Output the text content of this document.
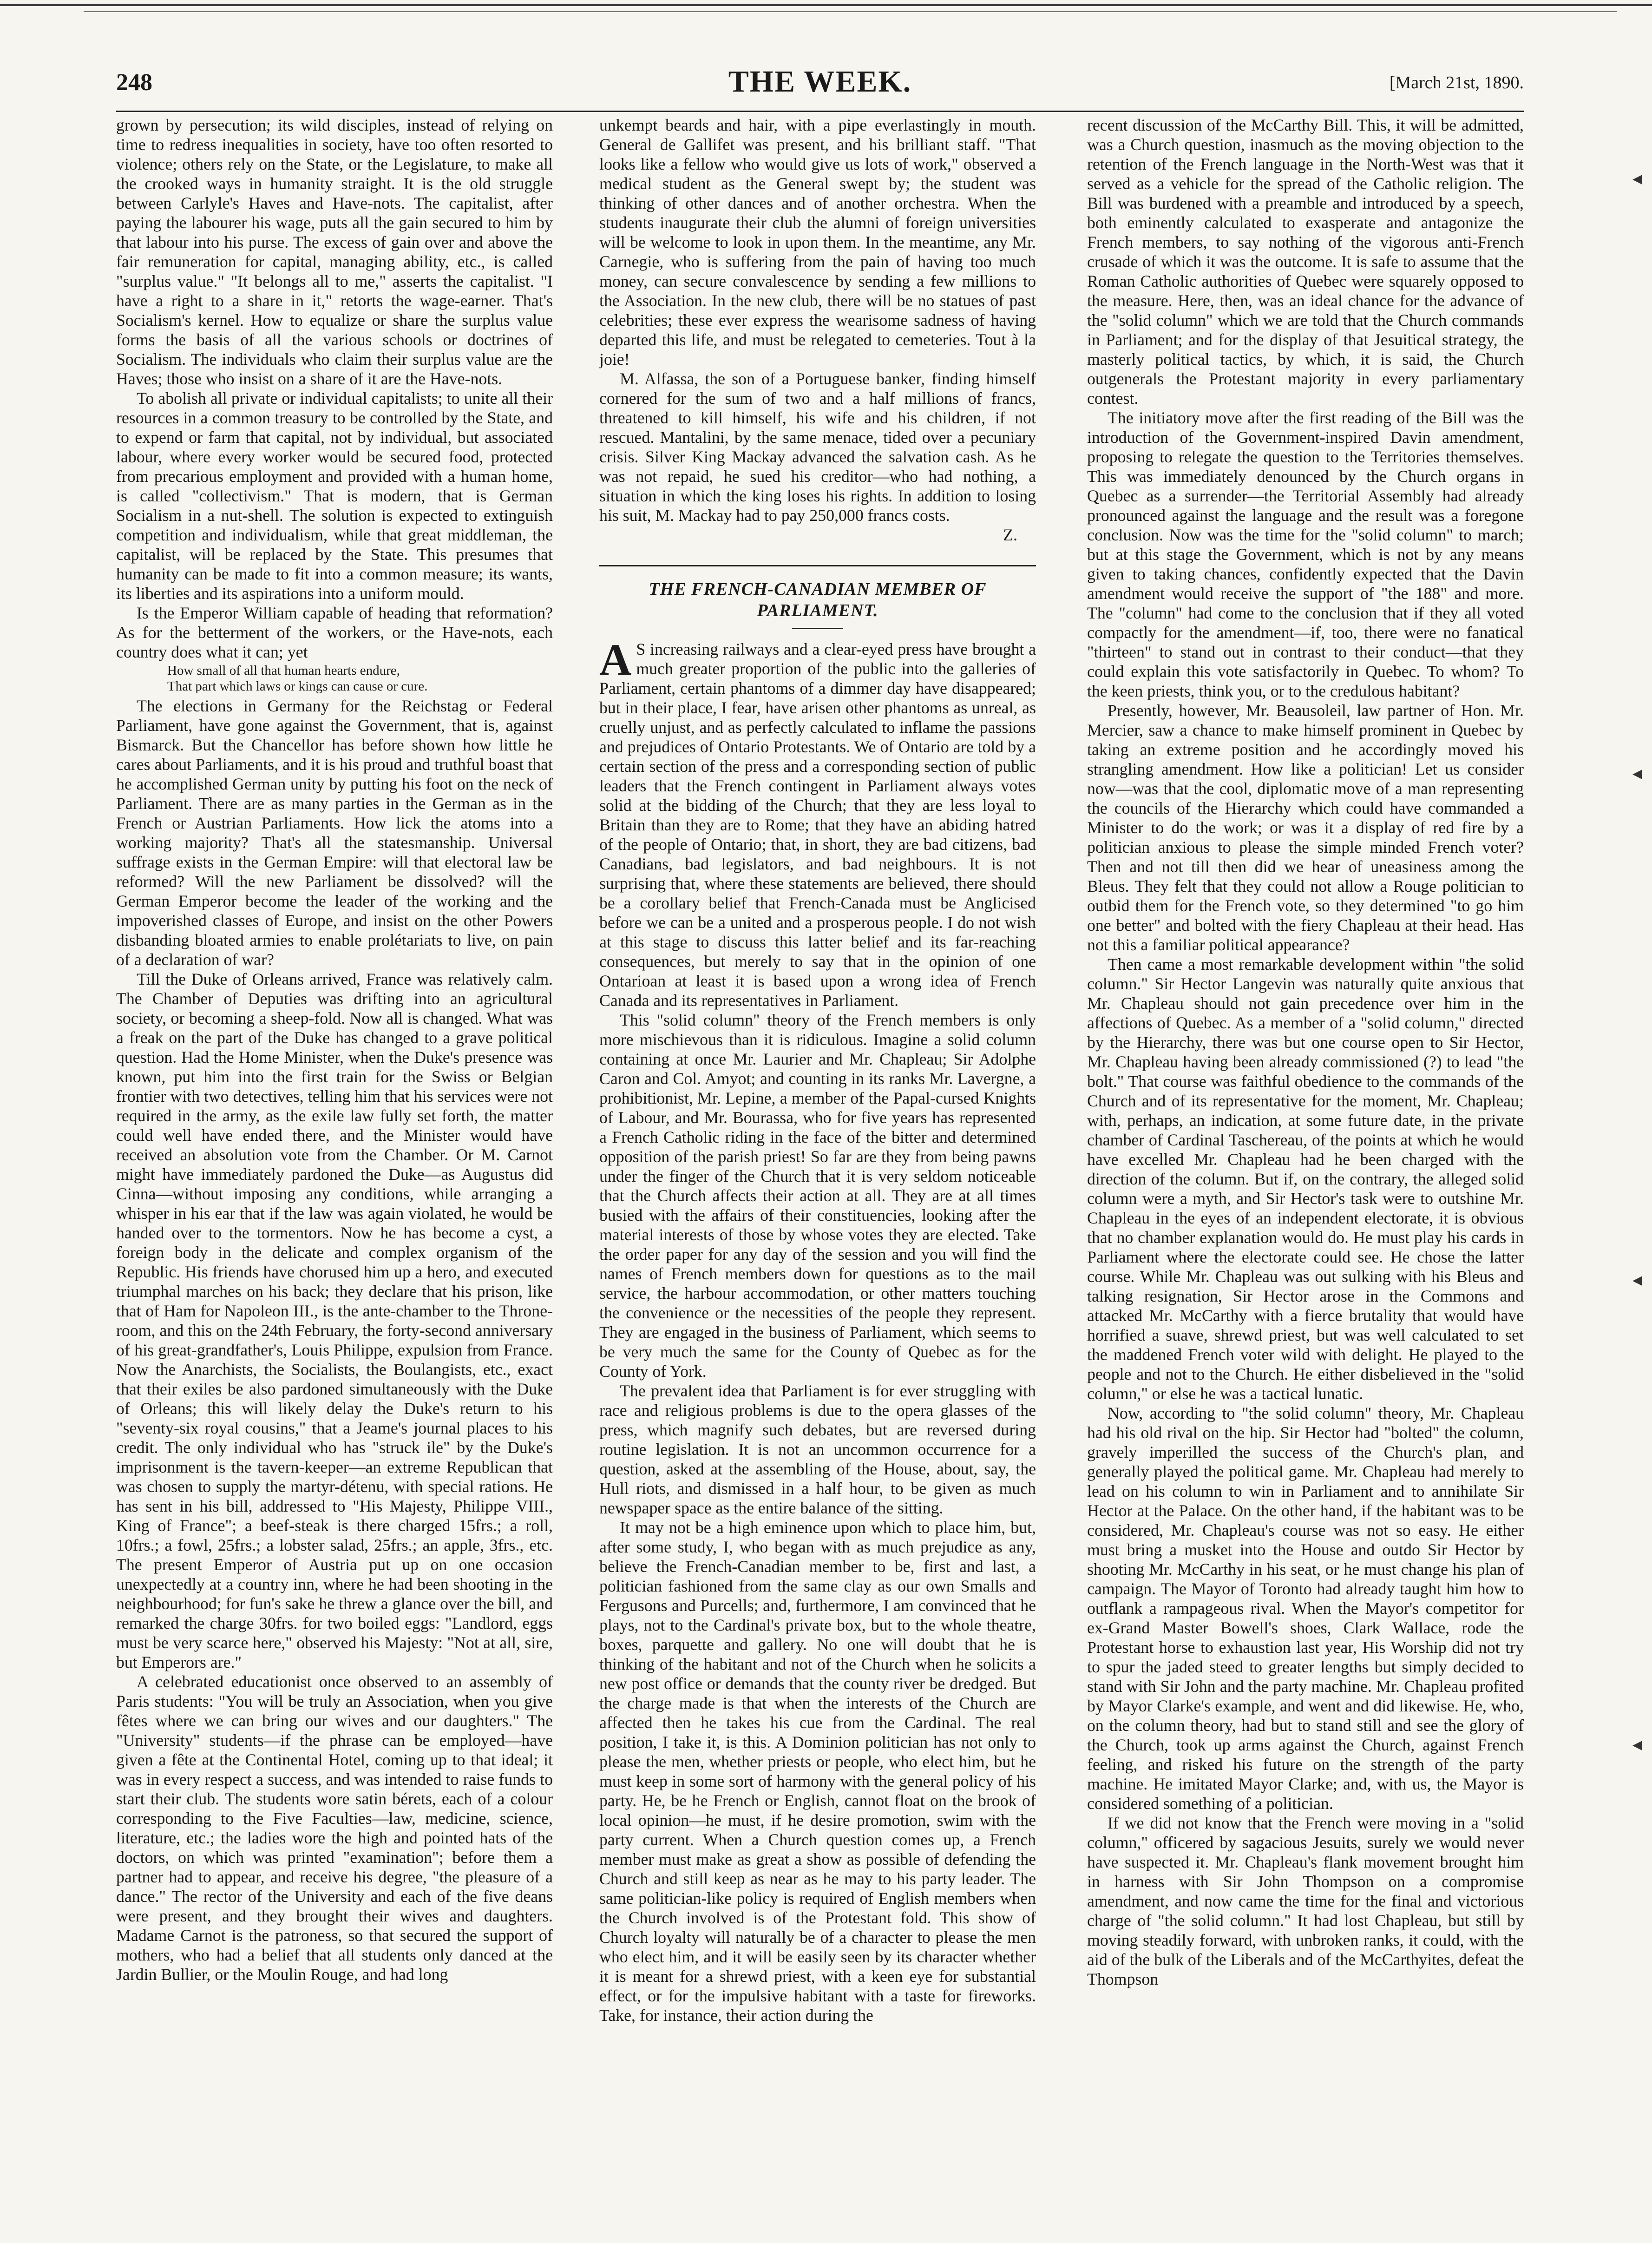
248	THE WEEK.	[March 21st, 1890.

grown by persecution; its wild disciples, instead of relying on time to redress inequalities in society, have too often resorted to violence; others rely on the State, or the Legislature, to make all the crooked ways in humanity straight. It is the old struggle between Carlyle's Haves and Have-nots. The capitalist, after paying the labourer his wage, puts all the gain secured to him by that labour into his purse. The excess of gain over and above the fair remuneration for capital, managing ability, etc., is called "surplus value." "It belongs all to me," asserts the capitalist. "I have a right to a share in it," retorts the wage-earner. That's Socialism's kernel. How to equalize or share the surplus value forms the basis of all the various schools or doctrines of Socialism. The individuals who claim their surplus value are the Haves; those who insist on a share of it are the Have-nots.

To abolish all private or individual capitalists; to unite all their resources in a common treasury to be controlled by the State, and to expend or farm that capital, not by individual, but associated labour, where every worker would be secured food, protected from precarious employment and provided with a human home, is called "collectivism." That is modern, that is German Socialism in a nut-shell. The solution is expected to extinguish competition and individualism, while that great middleman, the capitalist, will be replaced by the State. This presumes that humanity can be made to fit into a common measure; its wants, its liberties and its aspirations into a uniform mould.

Is the Emperor William capable of heading that reformation? As for the betterment of the workers, or the Have-nots, each country does what it can; yet

How small of all that human hearts endure,
That part which laws or kings can cause or cure.

The elections in Germany for the Reichstag or Federal Parliament, have gone against the Government, that is, against Bismarck. But the Chancellor has before shown how little he cares about Parliaments, and it is his proud and truthful boast that he accomplished German unity by putting his foot on the neck of Parliament. There are as many parties in the German as in the French or Austrian Parliaments. How lick the atoms into a working majority? That's all the statesmanship. Universal suffrage exists in the German Empire: will that electoral law be reformed? Will the new Parliament be dissolved? will the German Emperor become the leader of the working and the impoverished classes of Europe, and insist on the other Powers disbanding bloated armies to enable prolétariats to live, on pain of a declaration of war?

Till the Duke of Orleans arrived, France was relatively calm. The Chamber of Deputies was drifting into an agricultural society, or becoming a sheep-fold. Now all is changed. What was a freak on the part of the Duke has changed to a grave political question. Had the Home Minister, when the Duke's presence was known, put him into the first train for the Swiss or Belgian frontier with two detectives, telling him that his services were not required in the army, as the exile law fully set forth, the matter could well have ended there, and the Minister would have received an absolution vote from the Chamber. Or M. Carnot might have immediately pardoned the Duke—as Augustus did Cinna—without imposing any conditions, while arranging a whisper in his ear that if the law was again violated, he would be handed over to the tormentors. Now he has become a cyst, a foreign body in the delicate and complex organism of the Republic. His friends have chorused him up a hero, and executed triumphal marches on his back; they declare that his prison, like that of Ham for Napoleon III., is the ante-chamber to the Throne-room, and this on the 24th February, the forty-second anniversary of his great-grandfather's, Louis Philippe, expulsion from France. Now the Anarchists, the Socialists, the Boulangists, etc., exact that their exiles be also pardoned simultaneously with the Duke of Orleans; this will likely delay the Duke's return to his "seventy-six royal cousins," that a Jeame's journal places to his credit. The only individual who has "struck ile" by the Duke's imprisonment is the tavern-keeper—an extreme Republican that was chosen to supply the martyr-détenu, with special rations. He has sent in his bill, addressed to "His Majesty, Philippe VIII., King of France"; a beef-steak is there charged 15frs.; a roll, 10frs.; a fowl, 25frs.; a lobster salad, 25frs.; an apple, 3frs., etc. The present Emperor of Austria put up on one occasion unexpectedly at a country inn, where he had been shooting in the neighbourhood; for fun's sake he threw a glance over the bill, and remarked the charge 30frs. for two boiled eggs: "Landlord, eggs must be very scarce here," observed his Majesty: "Not at all, sire, but Emperors are."

A celebrated educationist once observed to an assembly of Paris students: "You will be truly an Association, when you give fêtes where we can bring our wives and our daughters." The "University" students—if the phrase can be employed—have given a fête at the Continental Hotel, coming up to that ideal; it was in every respect a success, and was intended to raise funds to start their club. The students wore satin bérets, each of a colour corresponding to the Five Faculties—law, medicine, science, literature, etc.; the ladies wore the high and pointed hats of the doctors, on which was printed "examination"; before them a partner had to appear, and receive his degree, "the pleasure of a dance." The rector of the University and each of the five deans were present, and they brought their wives and daughters. Madame Carnot is the patroness, so that secured the support of mothers, who had a belief that all students only danced at the Jardin Bullier, or the Moulin Rouge, and had long

unkempt beards and hair, with a pipe everlastingly in mouth. General de Gallifet was present, and his brilliant staff. "That looks like a fellow who would give us lots of work," observed a medical student as the General swept by; the student was thinking of other dances and of another orchestra. When the students inaugurate their club the alumni of foreign universities will be welcome to look in upon them. In the meantime, any Mr. Carnegie, who is suffering from the pain of having too much money, can secure convalescence by sending a few millions to the Association. In the new club, there will be no statues of past celebrities; these ever express the wearisome sadness of having departed this life, and must be relegated to cemeteries. Tout à la joie!

M. Alfassa, the son of a Portuguese banker, finding himself cornered for the sum of two and a half millions of francs, threatened to kill himself, his wife and his children, if not rescued. Mantalini, by the same menace, tided over a pecuniary crisis. Silver King Mackay advanced the salvation cash. As he was not repaid, he sued his creditor—who had nothing, a situation in which the king loses his rights. In addition to losing his suit, M. Mackay had to pay 250,000 francs costs.

Z.
THE FRENCH-CANADIAN MEMBER OF
PARLIAMENT.

A S increasing railways and a clear-eyed press have brought a much greater proportion of the public into the galleries of Parliament, certain phantoms of a dimmer day have disappeared; but in their place, I fear, have arisen other phantoms as unreal, as cruelly unjust, and as perfectly calculated to inflame the passions and prejudices of Ontario Protestants. We of Ontario are told by a certain section of the press and a corresponding section of public leaders that the French contingent in Parliament always votes solid at the bidding of the Church; that they are less loyal to Britain than they are to Rome; that they have an abiding hatred of the people of Ontario; that, in short, they are bad citizens, bad Canadians, bad legislators, and bad neighbours. It is not surprising that, where these statements are believed, there should be a corollary belief that French-Canada must be Anglicised before we can be a united and a prosperous people. I do not wish at this stage to discuss this latter belief and its far-reaching consequences, but merely to say that in the opinion of one Ontarioan at least it is based upon a wrong idea of French Canada and its representatives in Parliament.

This "solid column" theory of the French members is only more mischievous than it is ridiculous. Imagine a solid column containing at once Mr. Laurier and Mr. Chapleau; Sir Adolphe Caron and Col. Amyot; and counting in its ranks Mr. Lavergne, a prohibitionist, Mr. Lepine, a member of the Papal-cursed Knights of Labour, and Mr. Bourassa, who for five years has represented a French Catholic riding in the face of the bitter and determined opposition of the parish priest! So far are they from being pawns under the finger of the Church that it is very seldom noticeable that the Church affects their action at all. They are at all times busied with the affairs of their constituencies, looking after the material interests of those by whose votes they are elected. Take the order paper for any day of the session and you will find the names of French members down for questions as to the mail service, the harbour accommodation, or other matters touching the convenience or the necessities of the people they represent. They are engaged in the business of Parliament, which seems to be very much the same for the County of Quebec as for the County of York.

The prevalent idea that Parliament is for ever struggling with race and religious problems is due to the opera glasses of the press, which magnify such debates, but are reversed during routine legislation. It is not an uncommon occurrence for a question, asked at the assembling of the House, about, say, the Hull riots, and dismissed in a half hour, to be given as much newspaper space as the entire balance of the sitting.

It may not be a high eminence upon which to place him, but, after some study, I, who began with as much prejudice as any, believe the French-Canadian member to be, first and last, a politician fashioned from the same clay as our own Smalls and Fergusons and Purcells; and, furthermore, I am convinced that he plays, not to the Cardinal's private box, but to the whole theatre, boxes, parquette and gallery. No one will doubt that he is thinking of the habitant and not of the Church when he solicits a new post office or demands that the county river be dredged. But the charge made is that when the interests of the Church are affected then he takes his cue from the Cardinal. The real position, I take it, is this. A Dominion politician has not only to please the men, whether priests or people, who elect him, but he must keep in some sort of harmony with the general policy of his party. He, be he French or English, cannot float on the brook of local opinion—he must, if he desire promotion, swim with the party current. When a Church question comes up, a French member must make as great a show as possible of defending the Church and still keep as near as he may to his party leader. The same politician-like policy is required of English members when the Church involved is of the Protestant fold. This show of Church loyalty will naturally be of a character to please the men who elect him, and it will be easily seen by its character whether it is meant for a shrewd priest, with a keen eye for substantial effect, or for the impulsive habitant with a taste for fireworks. Take, for instance, their action during the

recent discussion of the McCarthy Bill. This, it will be admitted, was a Church question, inasmuch as the moving objection to the retention of the French language in the North-West was that it served as a vehicle for the spread of the Catholic religion. The Bill was burdened with a preamble and introduced by a speech, both eminently calculated to exasperate and antagonize the French members, to say nothing of the vigorous anti-French crusade of which it was the outcome. It is safe to assume that the Roman Catholic authorities of Quebec were squarely opposed to the measure. Here, then, was an ideal chance for the advance of the "solid column" which we are told that the Church commands in Parliament; and for the display of that Jesuitical strategy, the masterly political tactics, by which, it is said, the Church outgenerals the Protestant majority in every parliamentary contest.

The initiatory move after the first reading of the Bill was the introduction of the Government-inspired Davin amendment, proposing to relegate the question to the Territories themselves. This was immediately denounced by the Church organs in Quebec as a surrender—the Territorial Assembly had already pronounced against the language and the result was a foregone conclusion. Now was the time for the "solid column" to march; but at this stage the Government, which is not by any means given to taking chances, confidently expected that the Davin amendment would receive the support of "the 188" and more. The "column" had come to the conclusion that if they all voted compactly for the amendment—if, too, there were no fanatical "thirteen" to stand out in contrast to their conduct—that they could explain this vote satisfactorily in Quebec. To whom? To the keen priests, think you, or to the credulous habitant?

Presently, however, Mr. Beausoleil, law partner of Hon. Mr. Mercier, saw a chance to make himself prominent in Quebec by taking an extreme position and he accordingly moved his strangling amendment. How like a politician! Let us consider now—was that the cool, diplomatic move of a man representing the councils of the Hierarchy which could have commanded a Minister to do the work; or was it a display of red fire by a politician anxious to please the simple minded French voter? Then and not till then did we hear of uneasiness among the Bleus. They felt that they could not allow a Rouge politician to outbid them for the French vote, so they determined "to go him one better" and bolted with the fiery Chapleau at their head. Has not this a familiar political appearance?

Then came a most remarkable development within "the solid column." Sir Hector Langevin was naturally quite anxious that Mr. Chapleau should not gain precedence over him in the affections of Quebec. As a member of a "solid column," directed by the Hierarchy, there was but one course open to Sir Hector, Mr. Chapleau having been already commissioned (?) to lead "the bolt." That course was faithful obedience to the commands of the Church and of its representative for the moment, Mr. Chapleau; with, perhaps, an indication, at some future date, in the private chamber of Cardinal Taschereau, of the points at which he would have excelled Mr. Chapleau had he been charged with the direction of the column. But if, on the contrary, the alleged solid column were a myth, and Sir Hector's task were to outshine Mr. Chapleau in the eyes of an independent electorate, it is obvious that no chamber explanation would do. He must play his cards in Parliament where the electorate could see. He chose the latter course. While Mr. Chapleau was out sulking with his Bleus and talking resignation, Sir Hector arose in the Commons and attacked Mr. McCarthy with a fierce brutality that would have horrified a suave, shrewd priest, but was well calculated to set the maddened French voter wild with delight. He played to the people and not to the Church. He either disbelieved in the "solid column," or else he was a tactical lunatic.

Now, according to "the solid column" theory, Mr. Chapleau had his old rival on the hip. Sir Hector had "bolted" the column, gravely imperilled the success of the Church's plan, and generally played the political game. Mr. Chapleau had merely to lead on his column to win in Parliament and to annihilate Sir Hector at the Palace. On the other hand, if the habitant was to be considered, Mr. Chapleau's course was not so easy. He either must bring a musket into the House and outdo Sir Hector by shooting Mr. McCarthy in his seat, or he must change his plan of campaign. The Mayor of Toronto had already taught him how to outflank a rampageous rival. When the Mayor's competitor for ex-Grand Master Bowell's shoes, Clark Wallace, rode the Protestant horse to exhaustion last year, His Worship did not try to spur the jaded steed to greater lengths but simply decided to stand with Sir John and the party machine. Mr. Chapleau profited by Mayor Clarke's example, and went and did likewise. He, who, on the column theory, had but to stand still and see the glory of the Church, took up arms against the Church, against French feeling, and risked his future on the strength of the party machine. He imitated Mayor Clarke; and, with us, the Mayor is considered something of a politician.

If we did not know that the French were moving in a "solid column," officered by sagacious Jesuits, surely we would never have suspected it. Mr. Chapleau's flank movement brought him in harness with Sir John Thompson on a compromise amendment, and now came the time for the final and victorious charge of "the solid column." It had lost Chapleau, but still by moving steadily forward, with unbroken ranks, it could, with the aid of the bulk of the Liberals and of the McCarthyites, defeat the Thompson

◂
◂
◂
◂
